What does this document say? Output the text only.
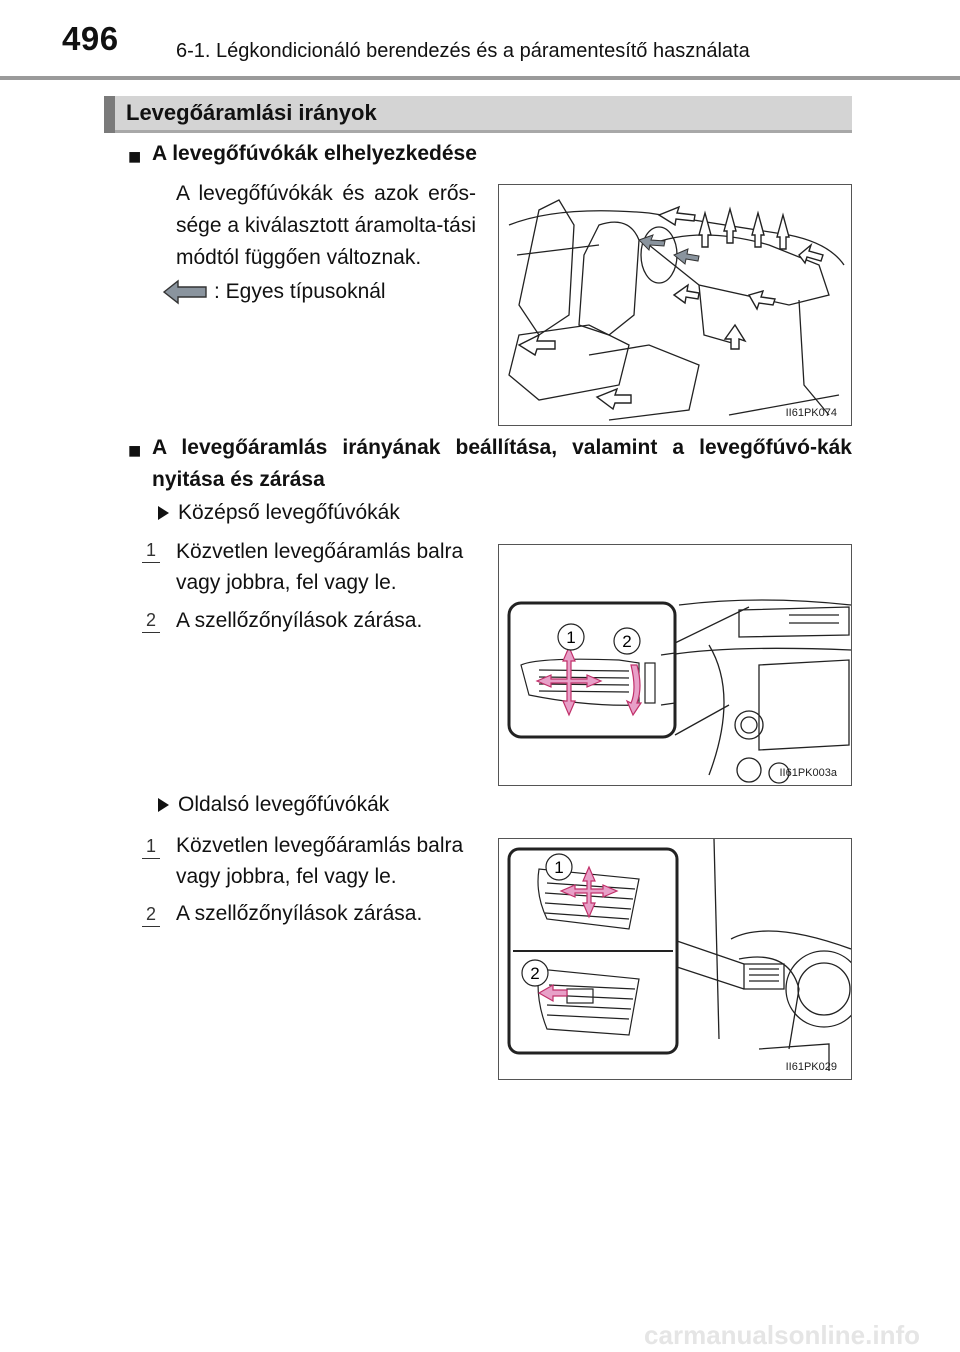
496	6-1. Légkondicionáló berendezés és a páramentesítő használata
Levegőáramlási irányok
■ A levegőfúvókák elhelyezkedése
A levegőfúvókák és azok erős-sége a kiválasztott áramolta-tási módtól függően változnak.
: Egyes típusoknál
II61PK074
■ A levegőáramlás irányának beállítása, valamint a levegőfúvó-kák nyitása és zárása
Középső levegőfúvókák
1 Közvetlen levegőáramlás balra vagy jobbra, fel vagy le.
2 A szellőzőnyílások zárása.
1	2
II61PK003a
Oldalsó levegőfúvókák
1 Közvetlen levegőáramlás balra vagy jobbra, fel vagy le.
2 A szellőzőnyílások zárása.
1
2
II61PK029
carmanualsonline.info
